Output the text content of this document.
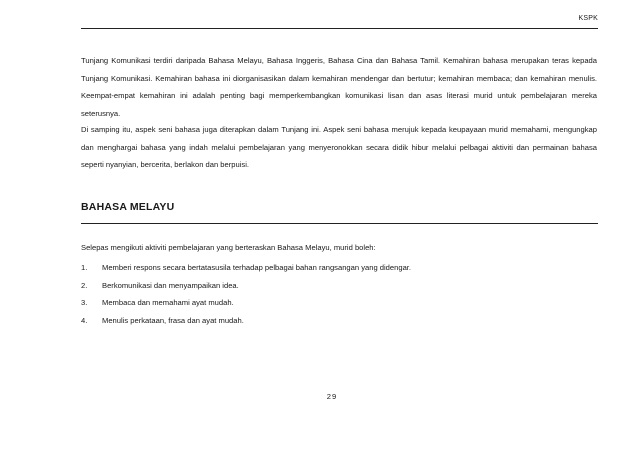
KSPK

Tunjang Komunikasi terdiri daripada Bahasa Melayu, Bahasa Inggeris, Bahasa Cina dan Bahasa Tamil. Kemahiran bahasa merupakan teras kepada Tunjang Komunikasi. Kemahiran bahasa ini diorganisasikan dalam kemahiran mendengar dan bertutur; kemahiran membaca; dan kemahiran menulis. Keempat-empat kemahiran ini adalah penting bagi memperkembangkan komunikasi lisan dan asas literasi murid untuk pembelajaran mereka seterusnya.

Di samping itu, aspek seni bahasa juga diterapkan dalam Tunjang ini. Aspek seni bahasa merujuk kepada keupayaan murid memahami, mengungkap dan menghargai bahasa yang indah melalui pembelajaran yang menyeronokkan secara didik hibur melalui pelbagai aktiviti dan permainan bahasa seperti nyanyian, bercerita, berlakon dan berpuisi.

BAHASA MELAYU

Selepas mengikuti aktiviti pembelajaran yang berteraskan Bahasa Melayu, murid boleh:

1.	Memberi respons secara bertatasusila terhadap pelbagai bahan rangsangan yang didengar.
2.	Berkomunikasi dan menyampaikan idea.
3.	Membaca dan memahami ayat mudah.
4.	Menulis perkataan, frasa dan ayat mudah.
29
